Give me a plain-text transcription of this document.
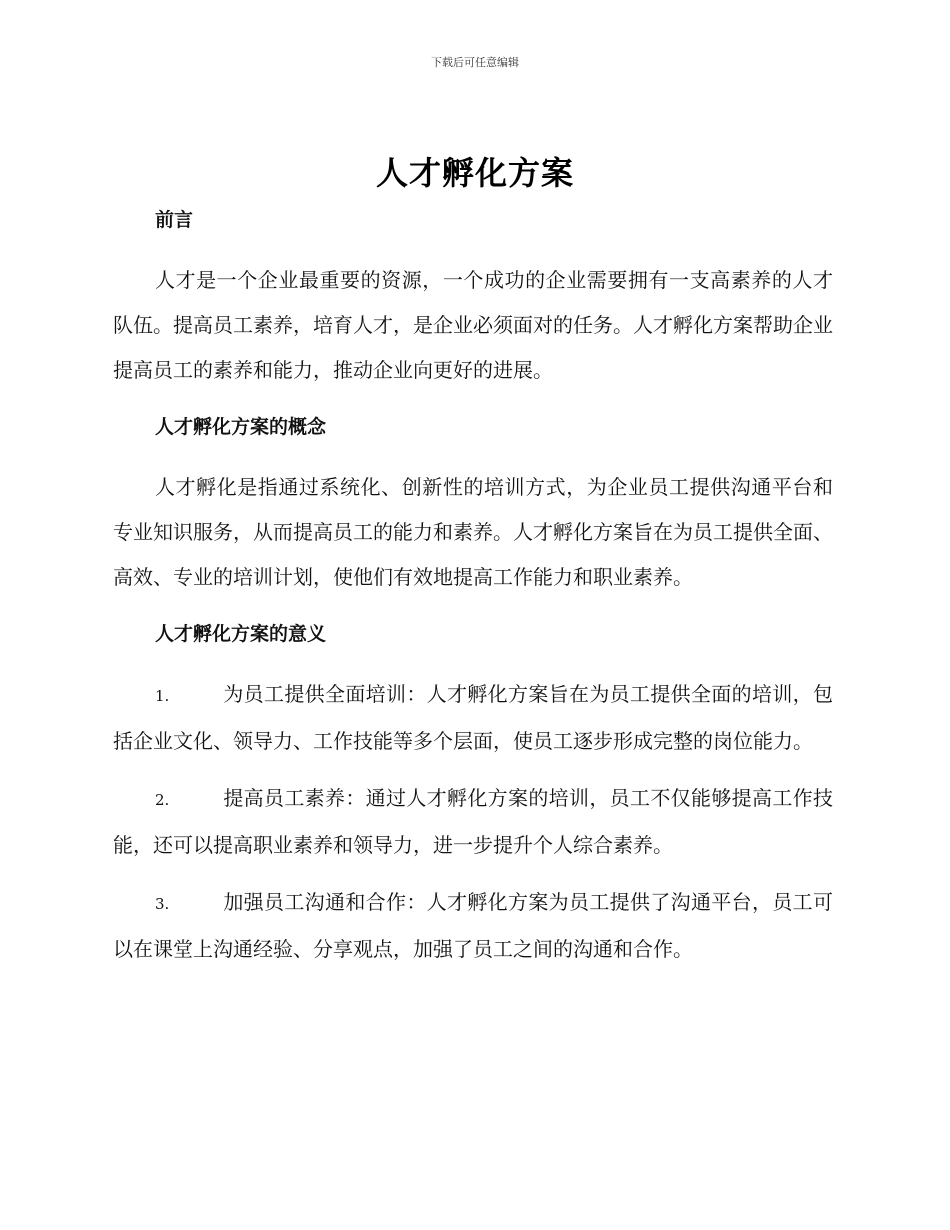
下载后可任意编辑
人才孵化方案
前言

人才是一个企业最重要的资源，一个成功的企业需要拥有一支高素养的人才队伍。提高员工素养，培育人才，是企业必须面对的任务。人才孵化方案帮助企业提高员工的素养和能力，推动企业向更好的进展。

人才孵化方案的概念

人才孵化是指通过系统化、创新性的培训方式，为企业员工提供沟通平台和专业知识服务，从而提高员工的能力和素养。人才孵化方案旨在为员工提供全面、高效、专业的培训计划，使他们有效地提高工作能力和职业素养。

人才孵化方案的意义

1.	为员工提供全面培训：人才孵化方案旨在为员工提供全面的培训，包括企业文化、领导力、工作技能等多个层面，使员工逐步形成完整的岗位能力。

2.	提高员工素养：通过人才孵化方案的培训，员工不仅能够提高工作技能，还可以提高职业素养和领导力，进一步提升个人综合素养。

3.	加强员工沟通和合作：人才孵化方案为员工提供了沟通平台，员工可以在课堂上沟通经验、分享观点，加强了员工之间的沟通和合作。
